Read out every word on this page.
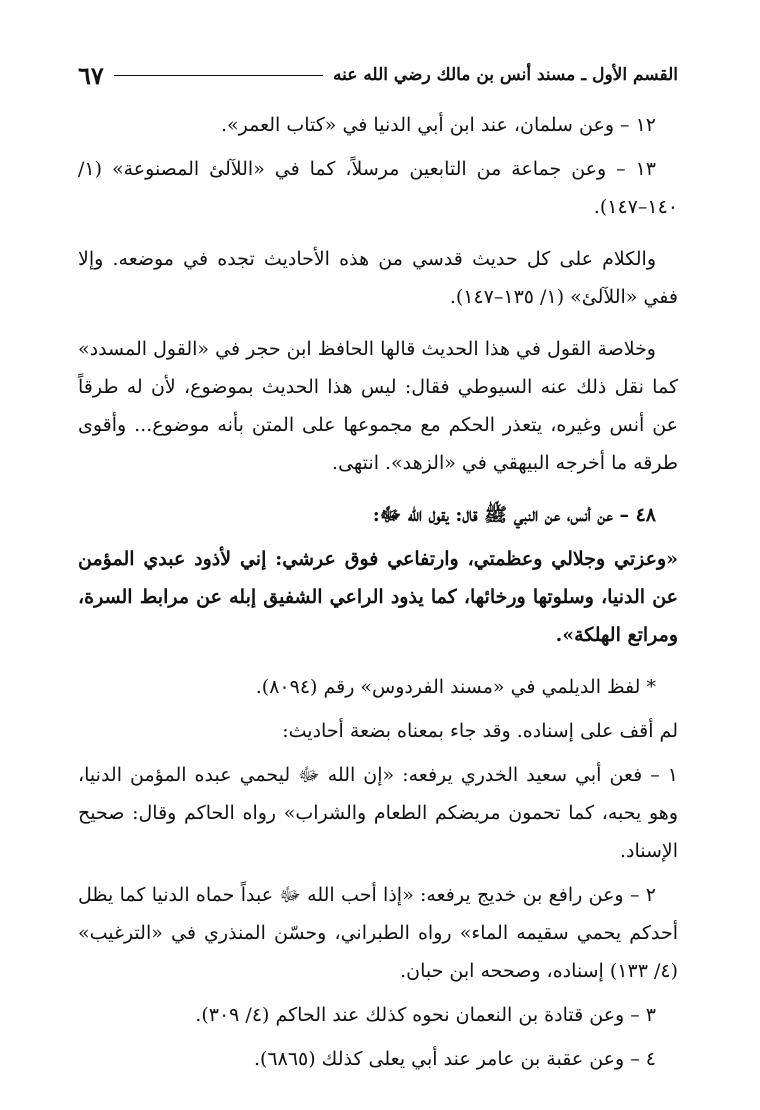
القسم الأول ـ مسند أنس بن مالك رضي الله عنه
٦٧

١٢ – وعن سلمان، عند ابن أبي الدنيا في «كتاب العمر».

١٣ – وعن جماعة من التابعين مرسلاً، كما في «اللآلئ المصنوعة» (١/ ١٤٠–١٤٧).

والكلام على كل حديث قدسي من هذه الأحاديث تجده في موضعه. وإلا ففي «اللآلئ» (١/ ١٣٥–١٤٧).

وخلاصة القول في هذا الحديث قالها الحافظ ابن حجر في «القول المسدد» كما نقل ذلك عنه السيوطي فقال: ليس هذا الحديث بموضوع، لأن له طرقاً عن أنس وغيره، يتعذر الحكم مع مجموعها على المتن بأنه موضوع... وأقوى طرقه ما أخرجه البيهقي في «الزهد». انتهى.

٤٨ – عن أنس، عن النبي ﷺ قال: يقول الله ﷻ:

«وعزتي وجلالي وعظمتي، وارتفاعي فوق عرشي: إني لأذود عبدي المؤمن عن الدنيا، وسلوتها ورخائها، كما يذود الراعي الشفيق إبله عن مرابط السرة، ومراتع الهلكة».

* لفظ الديلمي في «مسند الفردوس» رقم (٨٠٩٤).

لم أقف على إسناده. وقد جاء بمعناه بضعة أحاديث:

١ – فعن أبي سعيد الخدري يرفعه: «إن الله ﷻ ليحمي عبده المؤمن الدنيا، وهو يحبه، كما تحمون مريضكم الطعام والشراب» رواه الحاكم وقال: صحيح الإسناد.

٢ – وعن رافع بن خديج يرفعه: «إذا أحب الله ﷻ عبداً حماه الدنيا كما يظل أحدكم يحمي سقيمه الماء» رواه الطبراني، وحسّن المنذري في «الترغيب» (٤/ ١٣٣) إسناده، وصححه ابن حبان.

٣ – وعن قتادة بن النعمان نحوه كذلك عند الحاكم (٤/ ٣٠٩).

٤ – وعن عقبة بن عامر عند أبي يعلى كذلك (٦٨٦٥).
